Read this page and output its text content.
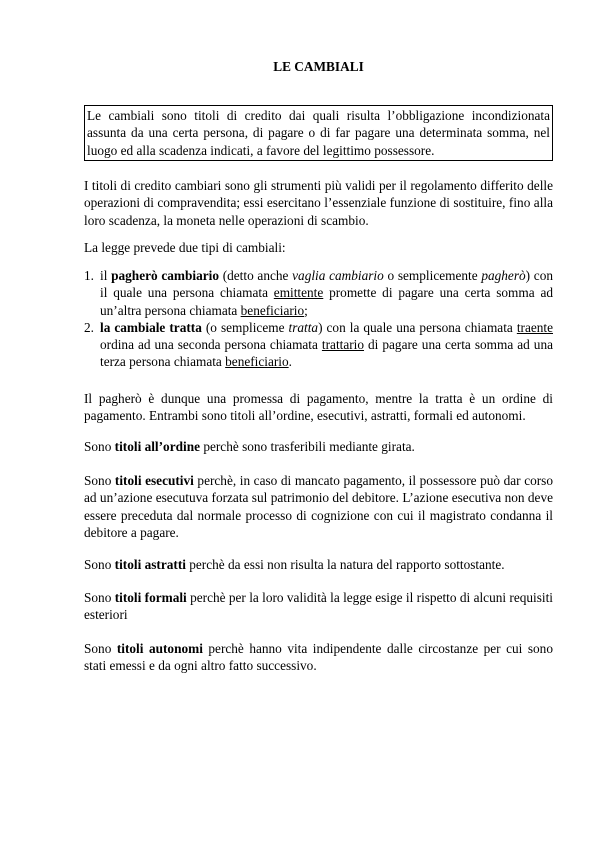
LE CAMBIALI
Le cambiali sono titoli di credito dai quali risulta l’obbligazione incondizionata assunta da una certa persona, di pagare o di far pagare una determinata somma, nel luogo ed alla scadenza indicati, a favore del legittimo possessore.

I titoli di credito cambiari sono gli strumenti più validi per il regolamento differito delle operazioni di compravendita; essi esercitano l’essenziale funzione di sostituire, fino alla loro scadenza, la moneta nelle operazioni di scambio.

La legge prevede due tipi di cambiali:

1. il pagherò cambiario (detto anche vaglia cambiario o semplicemente pagherò) con il quale una persona chiamata emittente promette di pagare una certa somma ad un’altra persona chiamata beneficiario;
2. la cambiale tratta (o sempliceme tratta) con la quale una persona chiamata traente ordina ad una seconda persona chiamata trattario di pagare una certa somma ad una terza persona chiamata beneficiario.

Il pagherò è dunque una promessa di pagamento, mentre la tratta è un ordine di pagamento. Entrambi sono titoli all’ordine, esecutivi, astratti, formali ed autonomi.

Sono titoli all’ordine perchè sono trasferibili mediante girata.

Sono titoli esecutivi perchè, in caso di mancato pagamento, il possessore può dar corso ad un’azione esecutuva forzata sul patrimonio del debitore. L’azione esecutiva non deve essere preceduta dal normale processo di cognizione con cui il magistrato condanna il debitore a pagare.

Sono titoli astratti perchè da essi non risulta la natura del rapporto sottostante.

Sono titoli formali perchè per la loro validità la legge esige il rispetto di alcuni requisiti esteriori

Sono titoli autonomi perchè hanno vita indipendente dalle circostanze per cui sono stati emessi e da ogni altro fatto successivo.
